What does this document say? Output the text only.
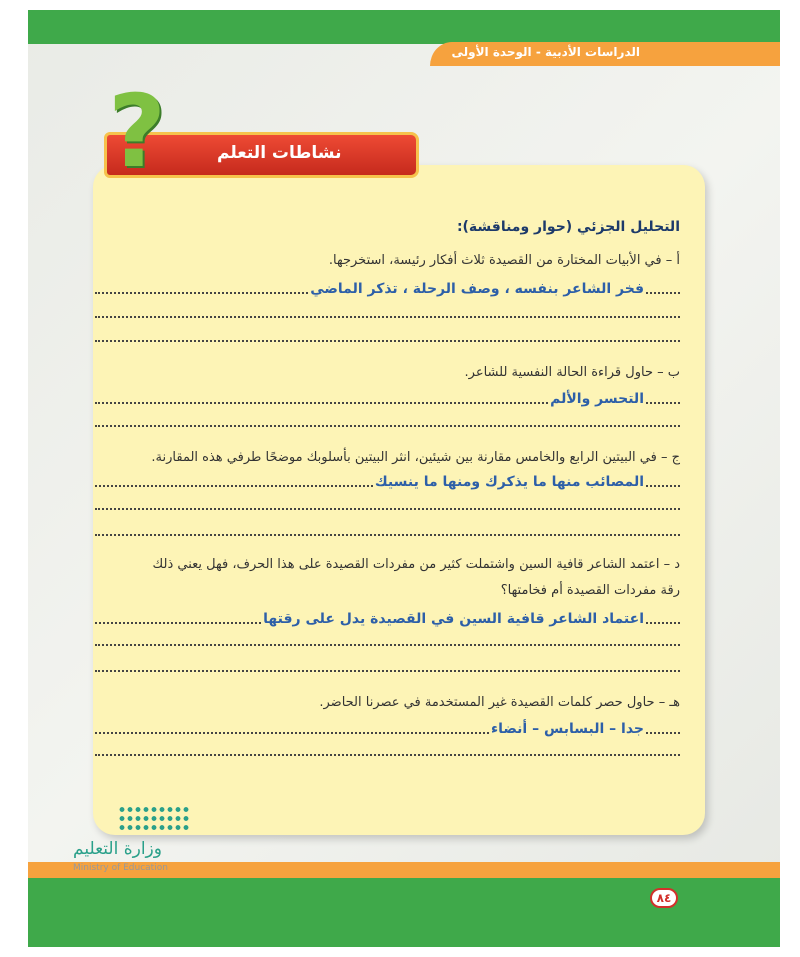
الدراسات الأدبية - الوحدة الأولى
نشاطات التعلم
?
٨٤
وزارة التعليم
Ministry of Education
التحليل الجزئي (حوار ومناقشة):
أ – في الأبيات المختارة من القصيدة ثلاث أفكار رئيسة، استخرجها.
فخر الشاعر بنفسه ، وصف الرحلة ، تذكر الماضي
ب – حاول قراءة الحالة النفسية للشاعر.
التحسر والألم
ج – في البيتين الرابع والخامس مقارنة بين شيئين، انثر البيتين بأسلوبك موضحًا طرفي هذه المقارنة.
المصائب منها ما يذكرك ومنها ما ينسيك
د – اعتمد الشاعر قافية السين واشتملت كثير من مفردات القصيدة على هذا الحرف، فهل يعني ذلك
رقة مفردات القصيدة أم فخامتها؟
اعتماد الشاعر قافية السين في القصيدة يدل على رقتها
هـ – حاول حصر كلمات القصيدة غير المستخدمة في عصرنا الحاضر.
جدا – البسابس – أنضاء
